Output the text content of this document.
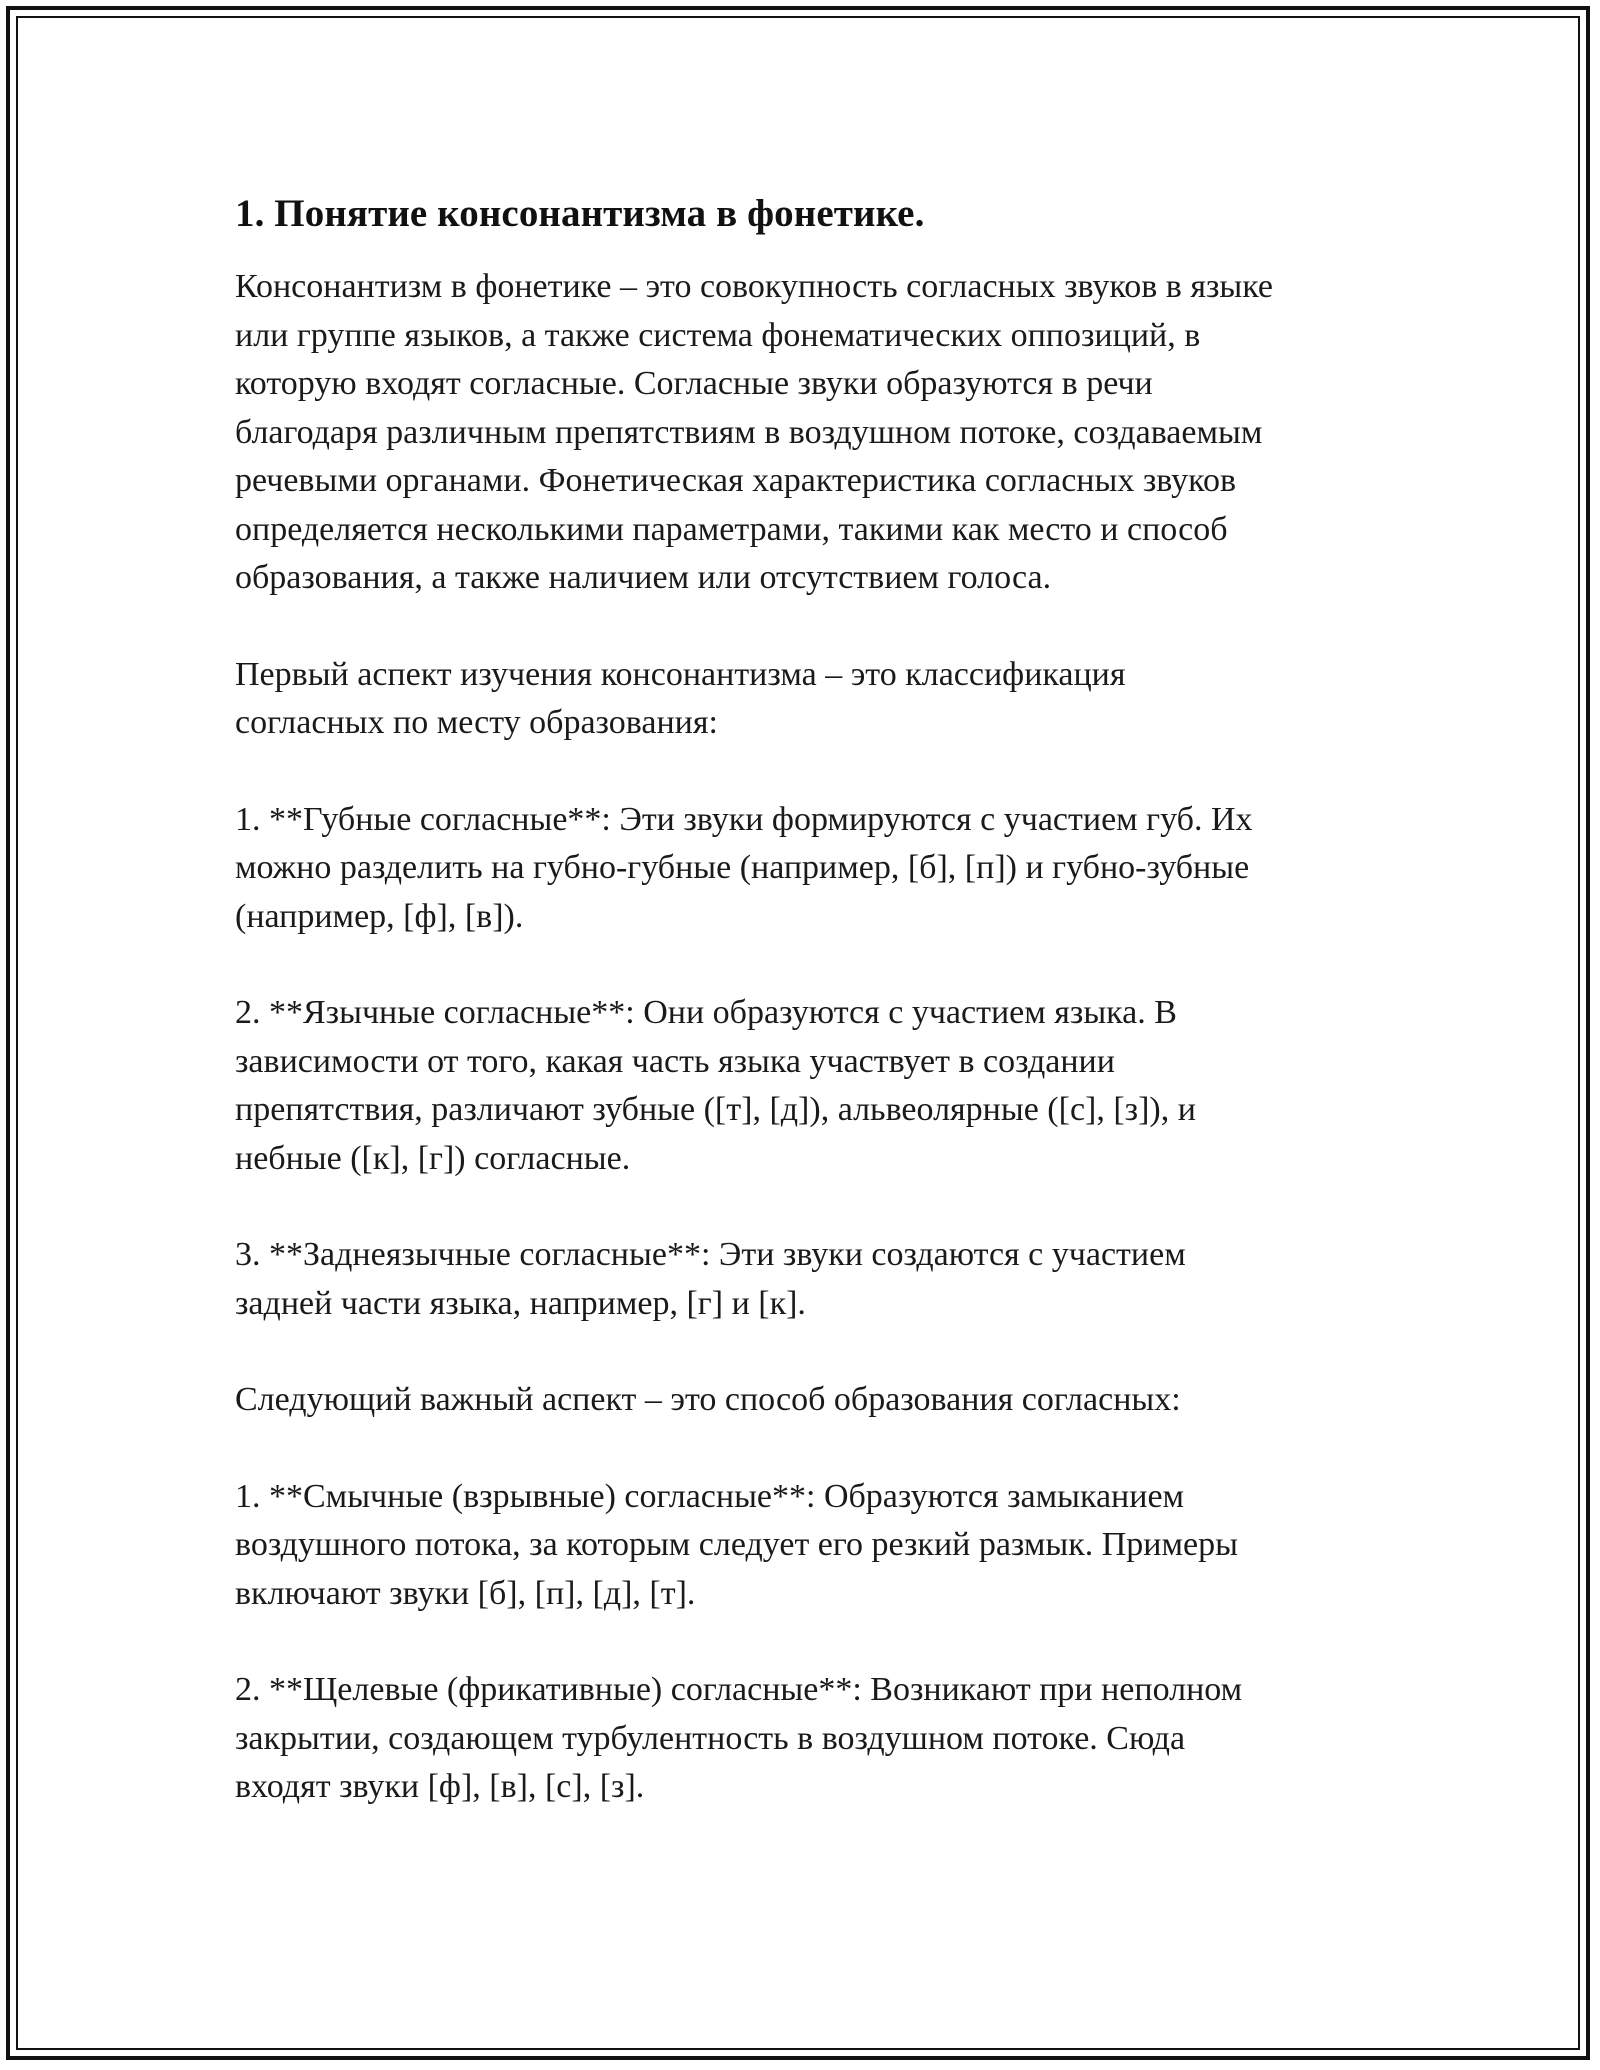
1. Понятие консонантизма в фонетике.

Консонантизм в фонетике – это совокупность согласных звуков в языке
или группе языков, а также система фонематических оппозиций, в
которую входят согласные. Согласные звуки образуются в речи
благодаря различным препятствиям в воздушном потоке, создаваемым
речевыми органами. Фонетическая характеристика согласных звуков
определяется несколькими параметрами, такими как место и способ
образования, а также наличием или отсутствием голоса.

Первый аспект изучения консонантизма – это классификация
согласных по месту образования:

1. **Губные согласные**: Эти звуки формируются с участием губ. Их
можно разделить на губно-губные (например, [б], [п]) и губно-зубные
(например, [ф], [в]).

2. **Язычные согласные**: Они образуются с участием языка. В
зависимости от того, какая часть языка участвует в создании
препятствия, различают зубные ([т], [д]), альвеолярные ([с], [з]), и
небные ([к], [г]) согласные.

3. **Заднеязычные согласные**: Эти звуки создаются с участием
задней части языка, например, [г] и [к].

Следующий важный аспект – это способ образования согласных:

1. **Смычные (взрывные) согласные**: Образуются замыканием
воздушного потока, за которым следует его резкий размык. Примеры
включают звуки [б], [п], [д], [т].

2. **Щелевые (фрикативные) согласные**: Возникают при неполном
закрытии, создающем турбулентность в воздушном потоке. Сюда
входят звуки [ф], [в], [с], [з].
